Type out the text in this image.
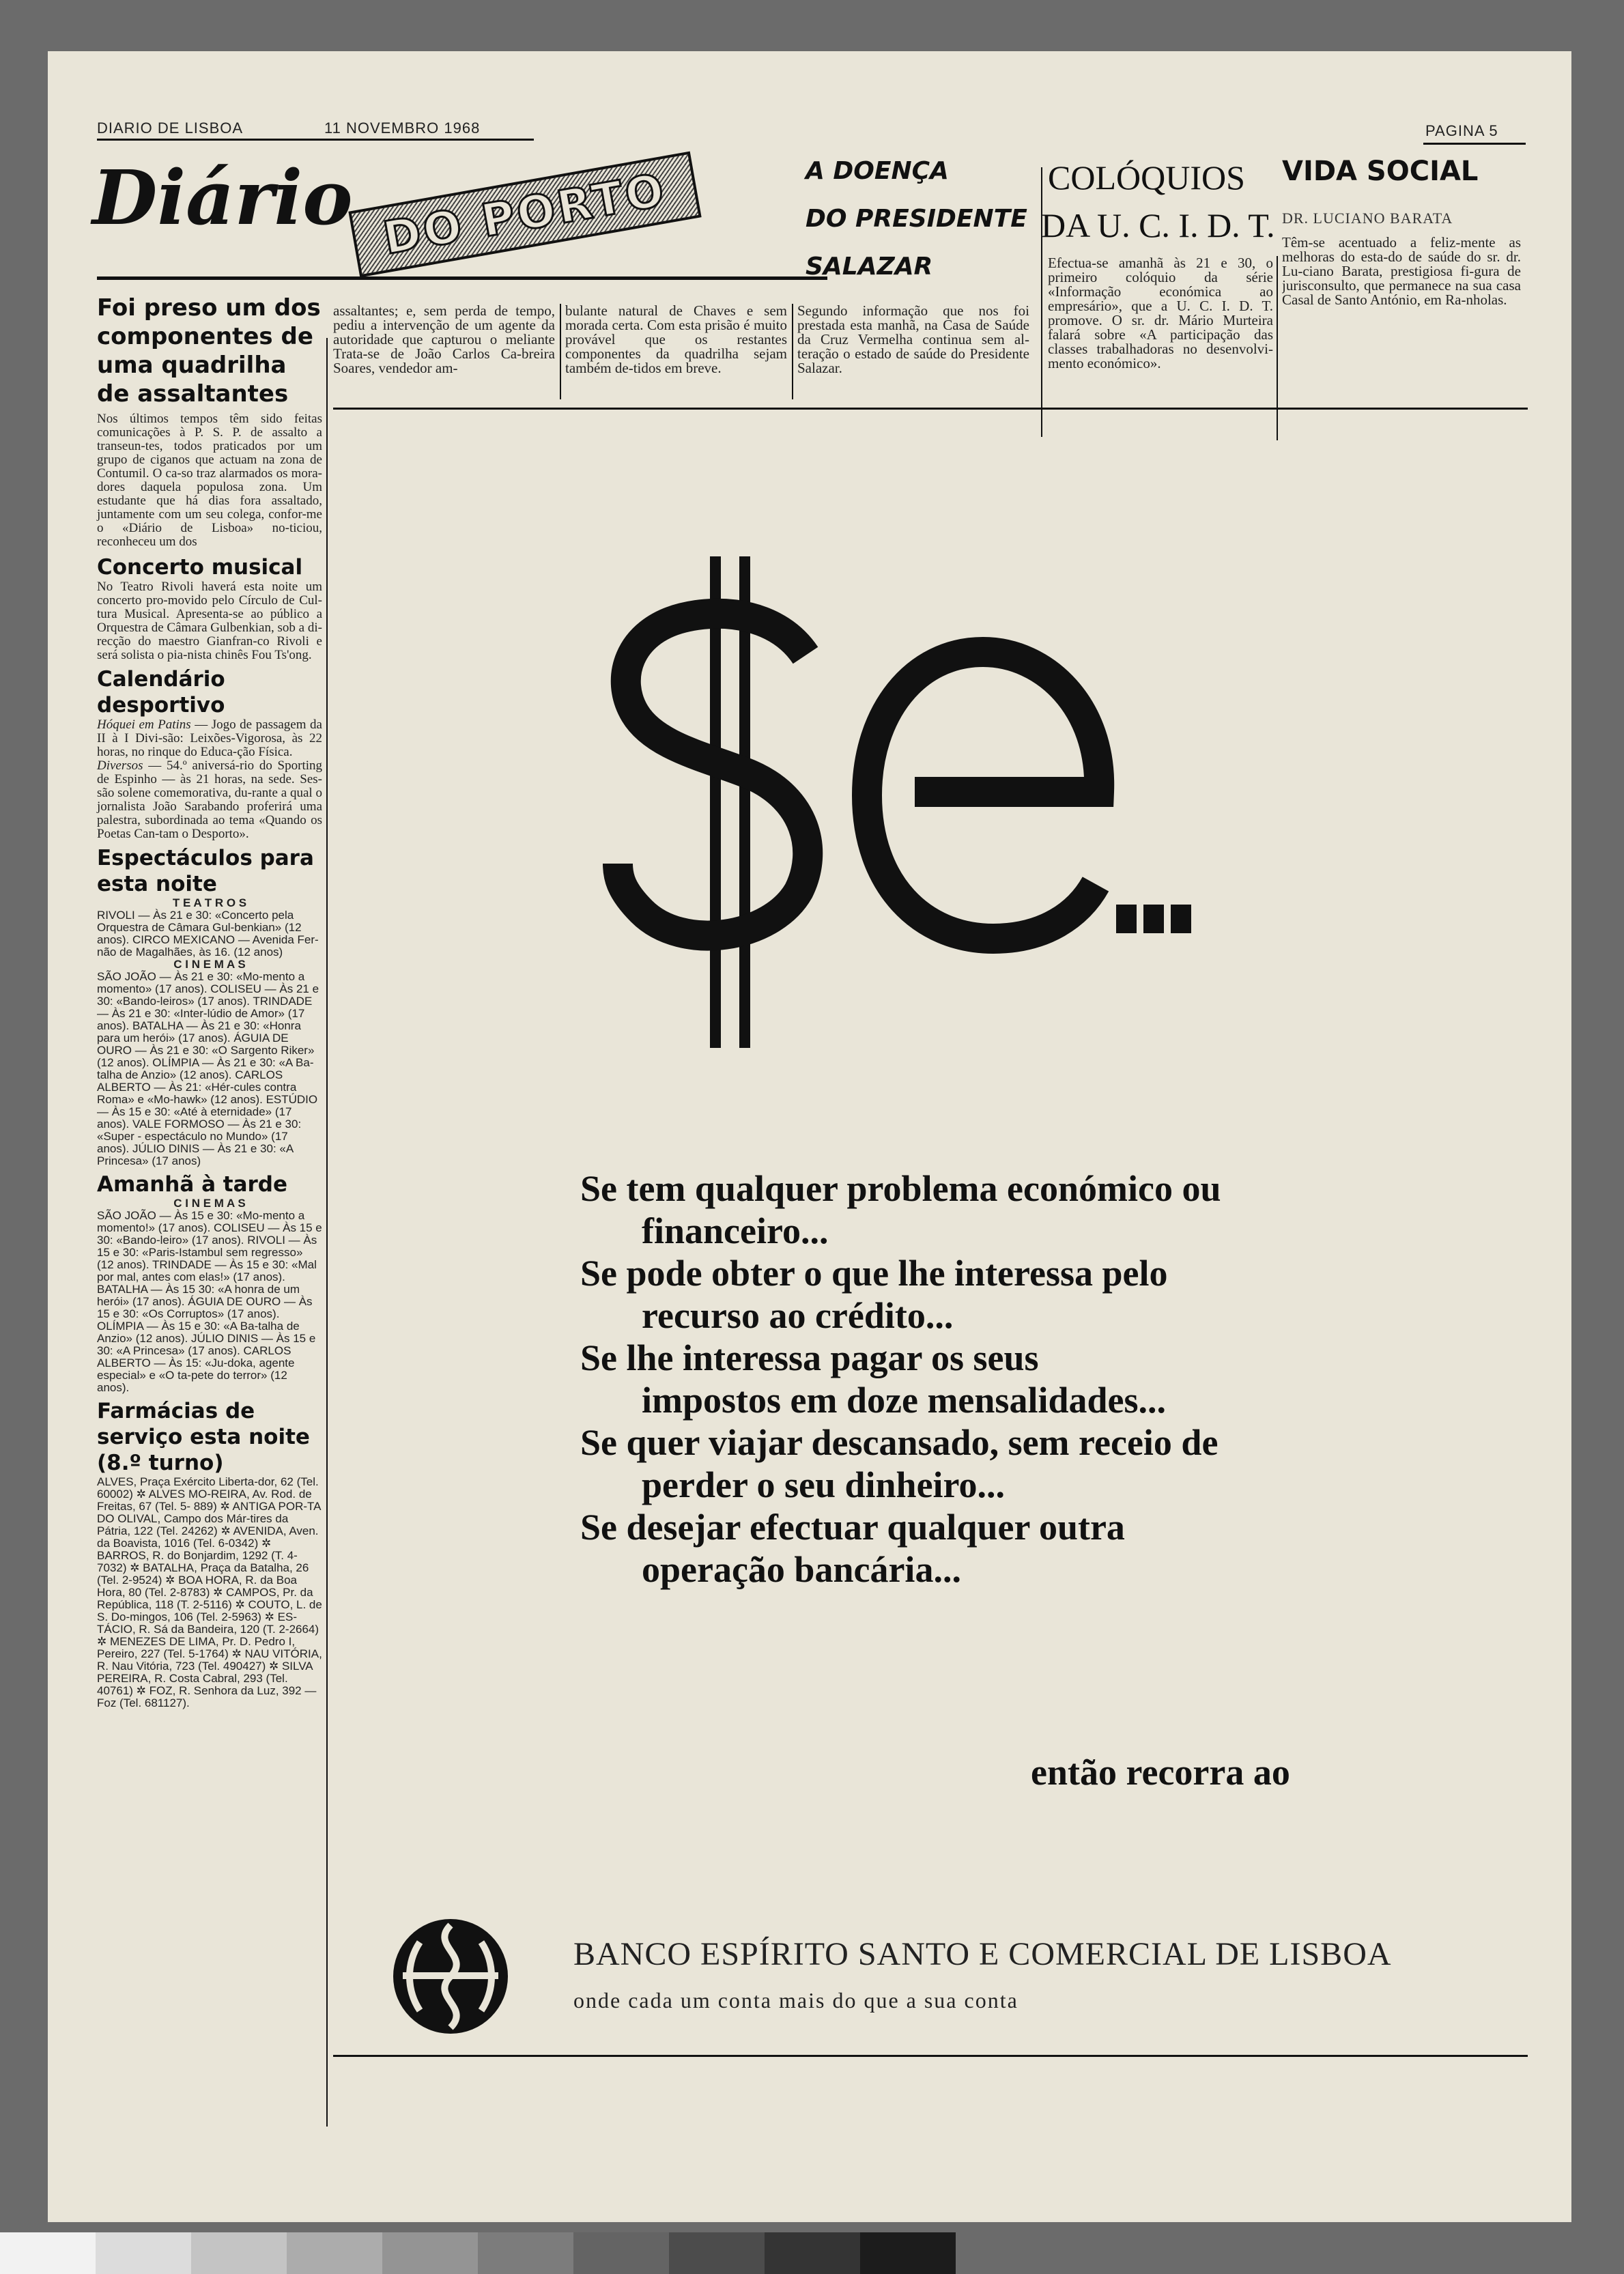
DIARIO DE LISBOA	11 NOVEMBRO 1968	PAGINA 5
Diário DO PORTO	A DOENÇA
DO PRESIDENTE
SALAZAR
COLÓQUIOS
DA U. C. I. D. T.
VIDA SOCIAL
DR. LUCIANO BARATA
assaltantes; e, sem perda de tempo, pediu a intervenção de um agente da autoridade que capturou o meliante Trata-se de João Carlos Ca-breira Soares, vendedor am-
bulante natural de Chaves e sem morada certa. Com esta prisão é muito provável que os restantes componentes da quadrilha sejam também de-tidos em breve.
Segundo informação que nos foi prestada esta manhã, na Casa de Saúde da Cruz Vermelha continua sem al-teração o estado de saúde do Presidente Salazar.
Efectua-se amanhã às 21 e 30, o primeiro colóquio da série «Informação económica ao empresário», que a U. C. I. D. T. promove. O sr. dr. Mário Murteira falará sobre «A participação das classes trabalhadoras no desenvolvi-mento económico».
Têm-se acentuado a feliz-mente as melhoras do esta-do de saúde do sr. dr. Lu-ciano Barata, prestigiosa fi-gura de jurisconsulto, que permanece na sua casa Casal de Santo António, em Ra-nholas.
Foi preso um dos componentes de uma quadrilha de assaltantes
Nos últimos tempos têm sido feitas comunicações à P. S. P. de assalto a transeun-tes, todos praticados por um grupo de ciganos que actuam na zona de Contumil. O ca-so traz alarmados os mora-dores daquela populosa zona. Um estudante que há dias fora assaltado, juntamente com um seu colega, confor-me o «Diário de Lisboa» no-ticiou, reconheceu um dos
Concerto musical
No Teatro Rivoli haverá esta noite um concerto pro-movido pelo Círculo de Cul-tura Musical. Apresenta-se ao público a Orquestra de Câmara Gulbenkian, sob a di-recção do maestro Gianfran-co Rivoli e será solista o pia-nista chinês Fou Ts'ong.
Calendário desportivo
Hóquei em Patins — Jogo de passagem da II à I Divi-são: Leixões-Vigorosa, às 22 horas, no rinque do Educa-ção Física.
Diversos — 54.º aniversá-rio do Sporting de Espinho — às 21 horas, na sede. Ses-são solene comemorativa, du-rante a qual o jornalista João Sarabando proferirá uma palestra, subordinada ao tema «Quando os Poetas Can-tam o Desporto».
Espectáculos para esta noite
T E A T R O S
RIVOLI — Às 21 e 30: «Concerto pela Orquestra de Câmara Gul-benkian» (12 anos). CIRCO MEXICANO — Avenida Fer-não de Magalhães, às 16. (12 anos)
C I N E M A S
SÃO JOÃO — Às 21 e 30: «Mo-mento a momento» (17 anos). COLISEU — Às 21 e 30: «Bando-leiros» (17 anos). TRINDADE — Às 21 e 30: «Inter-lúdio de Amor» (17 anos). BATALHA — Às 21 e 30: «Honra para um herói» (17 anos). ÁGUIA DE OURO — Às 21 e 30: «O Sargento Riker» (12 anos). OLÍMPIA — Às 21 e 30: «A Ba-talha de Anzio» (12 anos). CARLOS ALBERTO — Às 21: «Hér-cules contra Roma» e «Mo-hawk» (12 anos). ESTÚDIO — Às 15 e 30: «Até à eternidade» (17 anos). VALE FORMOSO — Às 21 e 30: «Super - espectáculo no Mundo» (17 anos). JÚLIO DINIS — Às 21 e 30: «A Princesa» (17 anos)
Amanhã à tarde
C I N E M A S
SÃO JOÃO — Às 15 e 30: «Mo-mento a momento!» (17 anos). COLISEU — Às 15 e 30: «Bando-leiro» (17 anos). RIVOLI — Às 15 e 30: «Paris-Istambul sem regresso» (12 anos). TRINDADE — Às 15 e 30: «Mal por mal, antes com elas!» (17 anos). BATALHA — Às 15 30: «A honra de um herói» (17 anos). ÁGUIA DE OURO — Às 15 e 30: «Os Corruptos» (17 anos). OLÍMPIA — Às 15 e 30: «A Ba-talha de Anzio» (12 anos). JÚLIO DINIS — Às 15 e 30: «A Princesa» (17 anos). CARLOS ALBERTO — Às 15: «Ju-doka, agente especial» e «O ta-pete do terror» (12 anos).
Farmácias de serviço esta noite (8.º turno)
ALVES, Praça Exército Liberta-dor, 62 (Tel. 60002) ✲ ALVES MO-REIRA, Av. Rod. de Freitas, 67 (Tel. 5- 889) ✲ ANTIGA POR-TA DO OLIVAL, Campo dos Már-tires da Pátria, 122 (Tel. 24262) ✲ AVENIDA, Aven. da Boavista, 1016 (Tel. 6-0342) ✲ BARROS, R. do Bonjardim, 1292 (T. 4-7032) ✲ BATALHA, Praça da Batalha, 26 (Tel. 2-9524) ✲ BOA HORA, R. da Boa Hora, 80 (Tel. 2-8783) ✲ CAMPOS, Pr. da República, 118 (T. 2-5116) ✲ COUTO, L. de S. Do-mingos, 106 (Tel. 2-5963) ✲ ES-TÁCIO, R. Sá da Bandeira, 120 (T. 2-2664) ✲ MENEZES DE LIMA, Pr. D. Pedro I, Pereiro, 227 (Tel. 5-1764) ✲ NAU VITÓRIA, R. Nau Vitória, 723 (Tel. 490427) ✲ SILVA PEREIRA, R. Costa Cabral, 293 (Tel. 40761) ✲ FOZ, R. Senhora da Luz, 392 — Foz (Tel. 681127).
Se tem qualquer problema económico ou
financeiro...
Se pode obter o que lhe interessa pelo
recurso ao crédito...
Se lhe interessa pagar os seus
impostos em doze mensalidades...
Se quer viajar descansado, sem receio de
perder o seu dinheiro...
Se desejar efectuar qualquer outra
operação bancária...
então recorra ao
BANCO ESPÍRITO SANTO E COMERCIAL DE LISBOA
onde cada um conta mais do que a sua conta
